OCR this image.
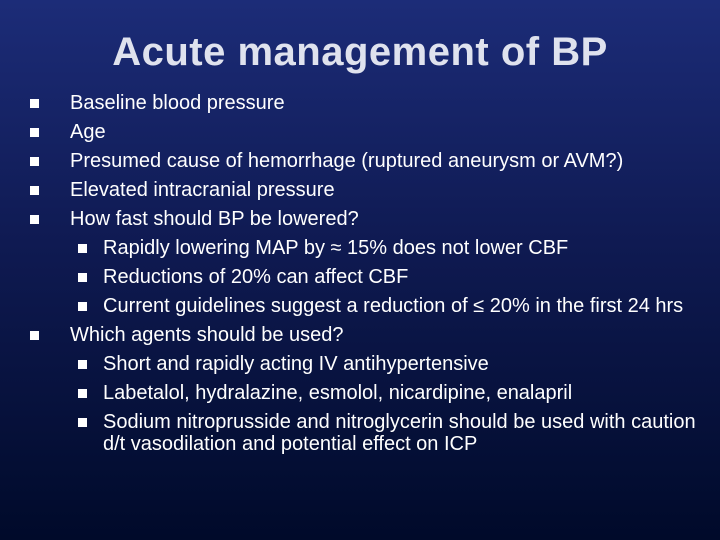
Acute management of BP
Baseline blood pressure
Age
Presumed cause of hemorrhage (ruptured aneurysm or AVM?)
Elevated intracranial pressure
How fast should BP be lowered?
Rapidly lowering MAP by ≈ 15% does not lower CBF
Reductions of 20% can affect CBF
Current guidelines suggest a reduction of ≤ 20% in the first 24 hrs
Which agents should be used?
Short and rapidly acting IV antihypertensive
Labetalol, hydralazine, esmolol, nicardipine, enalapril
Sodium nitroprusside and nitroglycerin should be used with caution d/t vasodilation and potential effect on ICP
